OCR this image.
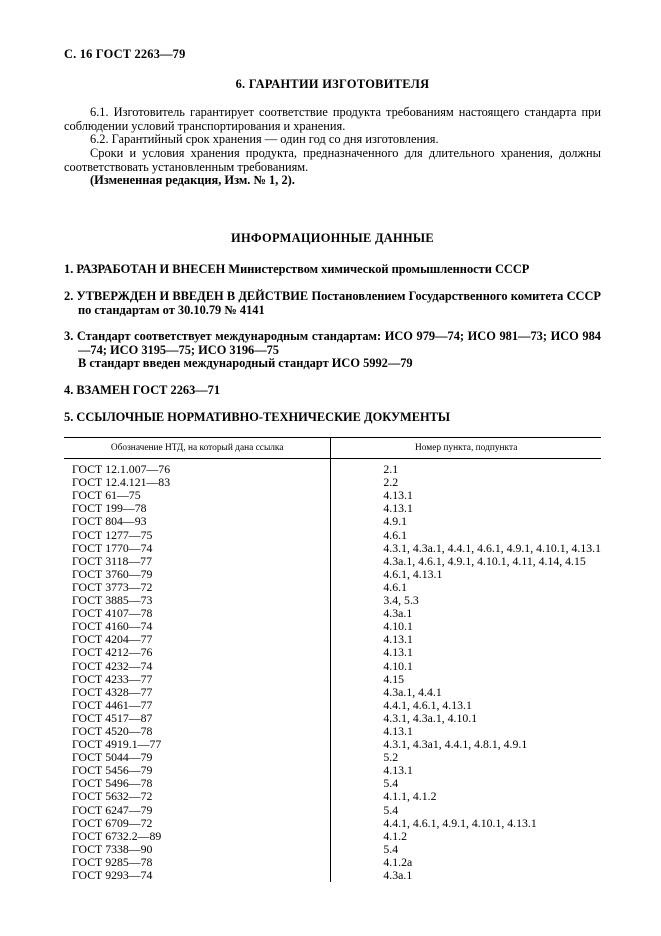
С. 16 ГОСТ 2263—79
6. ГАРАНТИИ ИЗГОТОВИТЕЛЯ

6.1. Изготовитель гарантирует соответствие продукта требованиям настоящего стандарта при соблюдении условий транспортирования и хранения.

6.2. Гарантийный срок хранения — один год со дня изготовления.

Сроки и условия хранения продукта, предназначенного для длительного хранения, должны соответствовать установленным требованиям.

(Измененная редакция, Изм. № 1, 2).

ИНФОРМАЦИОННЫЕ ДАННЫЕ

1. РАЗРАБОТАН И ВНЕСЕН Министерством химической промышленности СССР

2. УТВЕРЖДЕН И ВВЕДЕН В ДЕЙСТВИЕ Постановлением Государственного комитета СССР по стандартам от 30.10.79 № 4141

3. Стандарт соответствует международным стандартам: ИСО 979—74; ИСО 981—73; ИСО 984—74; ИСО 3195—75; ИСО 3196—75

В стандарт введен международный стандарт ИСО 5992—79

4. ВЗАМЕН ГОСТ 2263—71

5. ССЫЛОЧНЫЕ НОРМАТИВНО-ТЕХНИЧЕСКИЕ ДОКУМЕНТЫ

Обозначение НТД, на который дана ссылка	Номер пункта, подпункта
ГОСТ 12.1.007—76	2.1
ГОСТ 12.4.121—83	2.2
ГОСТ 61—75	4.13.1
ГОСТ 199—78	4.13.1
ГОСТ 804—93	4.9.1
ГОСТ 1277—75	4.6.1
ГОСТ 1770—74	4.3.1, 4.3а.1, 4.4.1, 4.6.1, 4.9.1, 4.10.1, 4.13.1
ГОСТ 3118—77	4.3а.1, 4.6.1, 4.9.1, 4.10.1, 4.11, 4.14, 4.15
ГОСТ 3760—79	4.6.1, 4.13.1
ГОСТ 3773—72	4.6.1
ГОСТ 3885—73	3.4, 5.3
ГОСТ 4107—78	4.3а.1
ГОСТ 4160—74	4.10.1
ГОСТ 4204—77	4.13.1
ГОСТ 4212—76	4.13.1
ГОСТ 4232—74	4.10.1
ГОСТ 4233—77	4.15
ГОСТ 4328—77	4.3а.1, 4.4.1
ГОСТ 4461—77	4.4.1, 4.6.1, 4.13.1
ГОСТ 4517—87	4.3.1, 4.3а.1, 4.10.1
ГОСТ 4520—78	4.13.1
ГОСТ 4919.1—77	4.3.1, 4.3а1, 4.4.1, 4.8.1, 4.9.1
ГОСТ 5044—79	5.2
ГОСТ 5456—79	4.13.1
ГОСТ 5496—78	5.4
ГОСТ 5632—72	4.1.1, 4.1.2
ГОСТ 6247—79	5.4
ГОСТ 6709—72	4.4.1, 4.6.1, 4.9.1, 4.10.1, 4.13.1
ГОСТ 6732.2—89	4.1.2
ГОСТ 7338—90	5.4
ГОСТ 9285—78	4.1.2а
ГОСТ 9293—74	4.3а.1
